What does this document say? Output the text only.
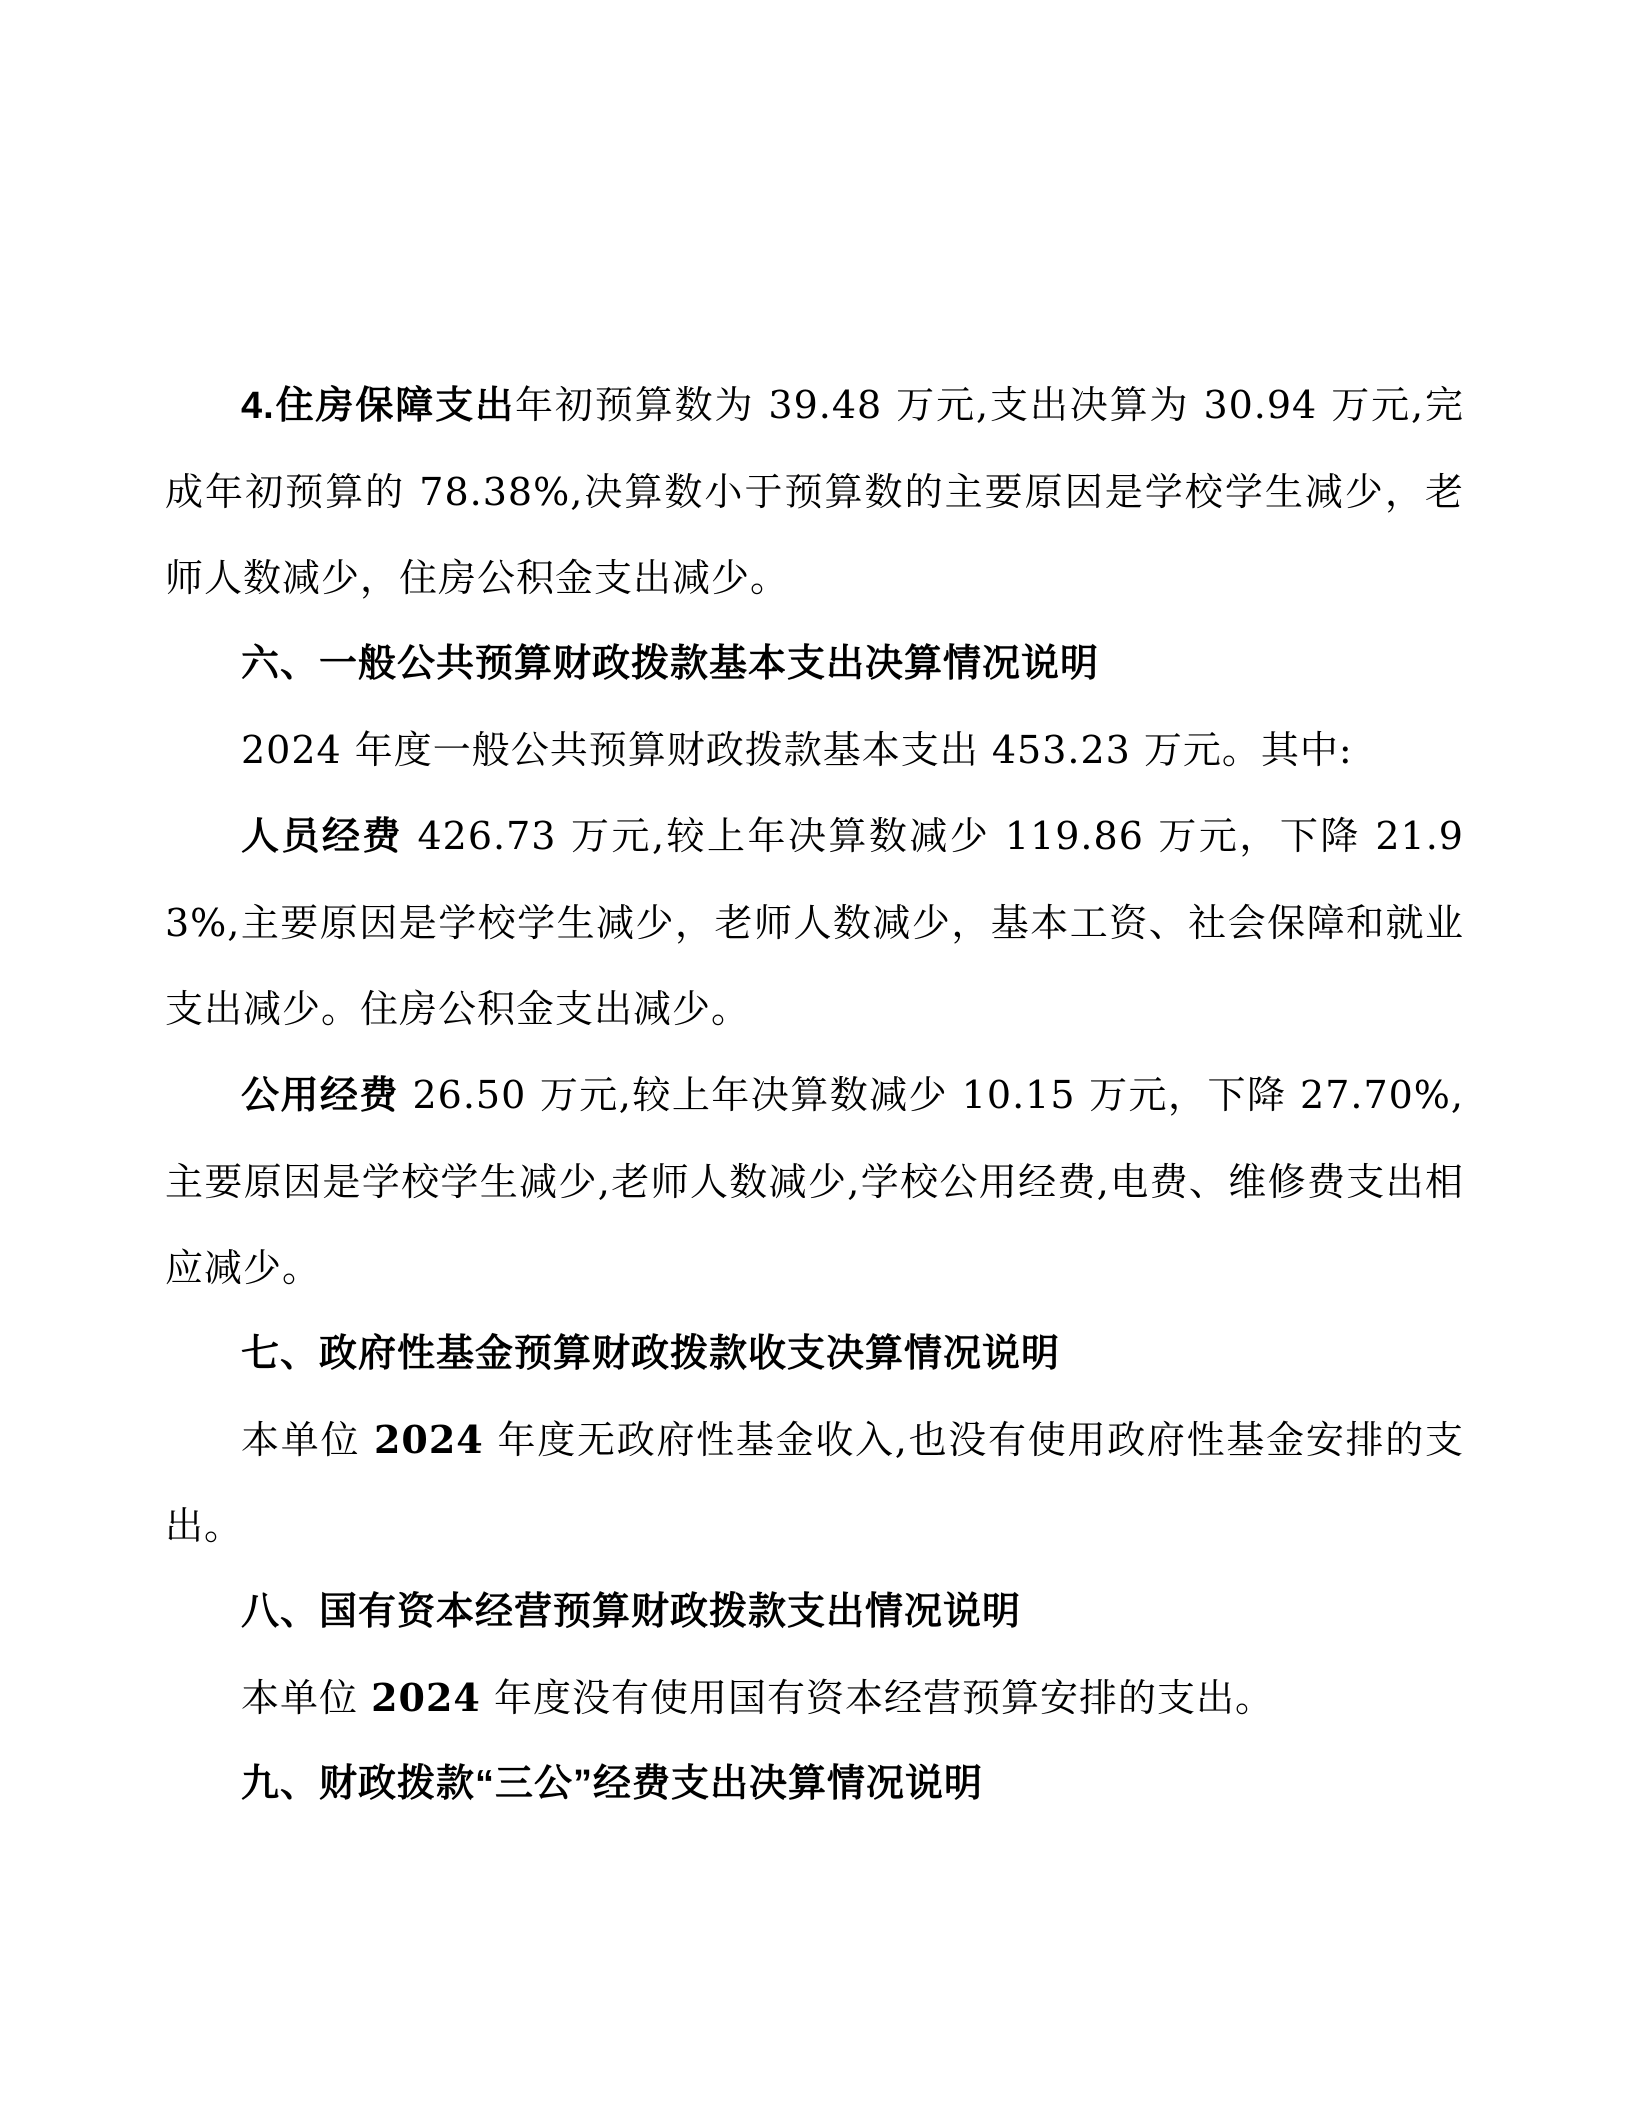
4.住房保障支出年初预算数为 39.48 万元,支出决算为 30.94 万元,完成年初预算的 78.38%,决算数小于预算数的主要原因是学校学生减少，老师人数减少，住房公积金支出减少。

六、一般公共预算财政拨款基本支出决算情况说明

2024 年度一般公共预算财政拨款基本支出 453.23 万元。其中:

人员经费 426.73 万元,较上年决算数减少 119.86 万元，下降 21.93%,主要原因是学校学生减少，老师人数减少，基本工资、社会保障和就业支出减少。住房公积金支出减少。

公用经费 26.50 万元,较上年决算数减少 10.15 万元，下降 27.70%,主要原因是学校学生减少,老师人数减少,学校公用经费,电费、维修费支出相应减少。

七、政府性基金预算财政拨款收支决算情况说明

本单位 2024 年度无政府性基金收入,也没有使用政府性基金安排的支出。

八、国有资本经营预算财政拨款支出情况说明

本单位 2024 年度没有使用国有资本经营预算安排的支出。

九、财政拨款“三公”经费支出决算情况说明
